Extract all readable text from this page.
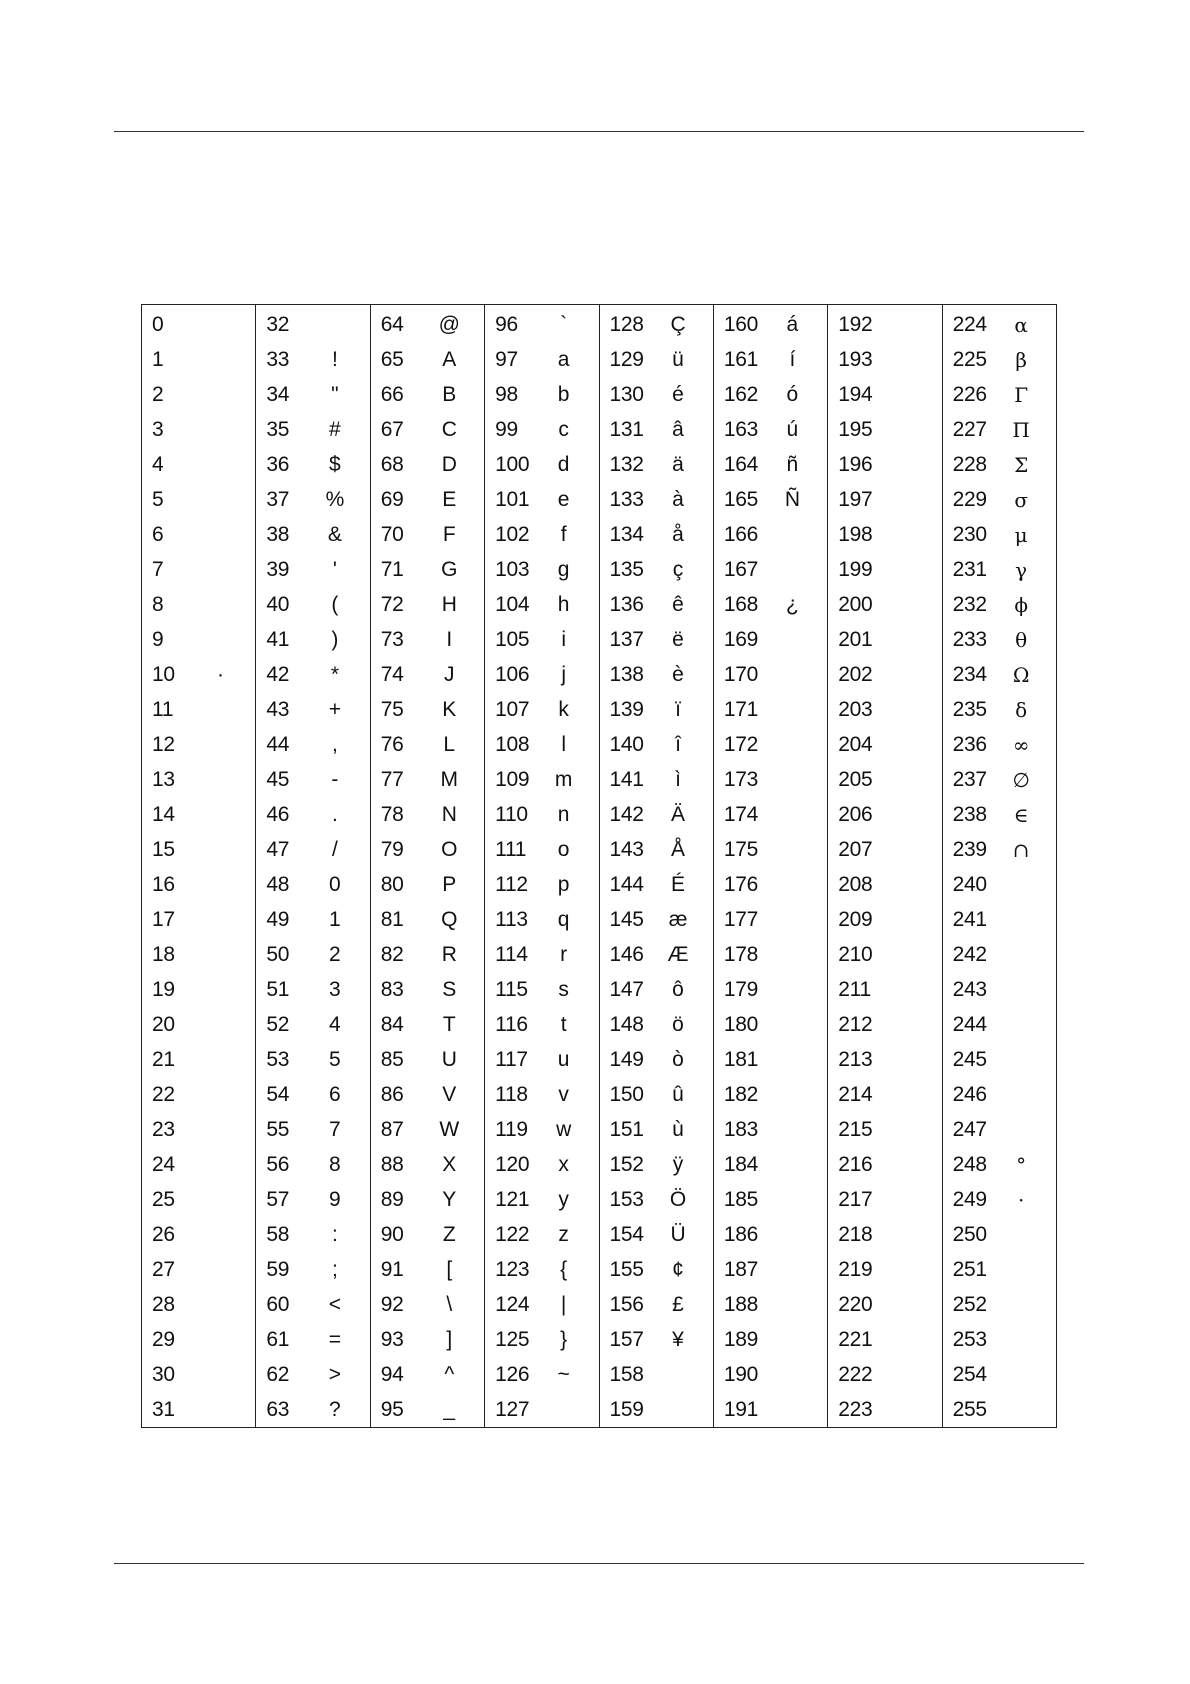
0
1
2
3
4
5
6
7
8
9
10	·
11
12
13
14
15
16
17
18
19
20
21
22
23
24
25
26
27
28
29
30
31
32
33	!
34	"
35	#
36	$
37 %
38	&
39	'
40	(
41	)
42	*
43	+
44	,
45	-
46	.
47	/
48	0
49	1
50	2
51	3
52	4
53	5
54	6
55	7
56	8
57	9
58	:
59	;
60	<
61	=
62	>
63	?
64 @
65	A
66	B
67	C
68	D
69	E
70	F
71	G
72	H
73	I
74	J
75	K
76	L
77	M
78	N
79	O
80	P
81	Q
82	R
83	S
84	T
85	U
86	V
87 W
88	X
89	Y
90	Z
91	[
92	\
93	]
94	^
95	_
96	`
97	a
98	b
99	c
100	d
101	e
102	f
103	g
104	h
105	i
106	j
107	k
108	l
109	m
110	n
111	o
112	p
113	q
114	r
115	s
116	t
117	u
118	v
119	w
120	x
121	y
122	z
123	{
124	|
125	}
126	~
127
128	Ç
129	ü
130	é
131	â
132	ä
133	à
134	å
135	ç
136	ê
137	ë
138	è
139	ï
140	î
141	ì
142	Ä
143	Å
144	É
145 æ
146 Æ
147	ô
148	ö
149	ò
150	û
151	ù
152	ÿ
153	Ö
154	Ü
155	¢
156	£
157	¥
158
159
160	á
161	í
162	ó
163	ú
164	ñ
165	Ñ
166
167
168	¿
169
170
171
172
173
174
175
176
177
178
179
180
181
182
183
184
185
186
187
188
189
190
191
192
193
194
195
196
197
198
199
200
201
202
203
204
205
206
207
208
209
210
211
212
213
214
215
216
217
218
219
220
221
222
223
224	α
225	β
226	Γ
227	Π
228	Σ
229	σ
230	μ
231	γ
232	ϕ
233	θ
234	Ω
235	δ
236	∞
237	∅
238	∈
239	∩
240
241
242
243
244
245
246
247
248	°
249	·
250
251
252
253
254
255
